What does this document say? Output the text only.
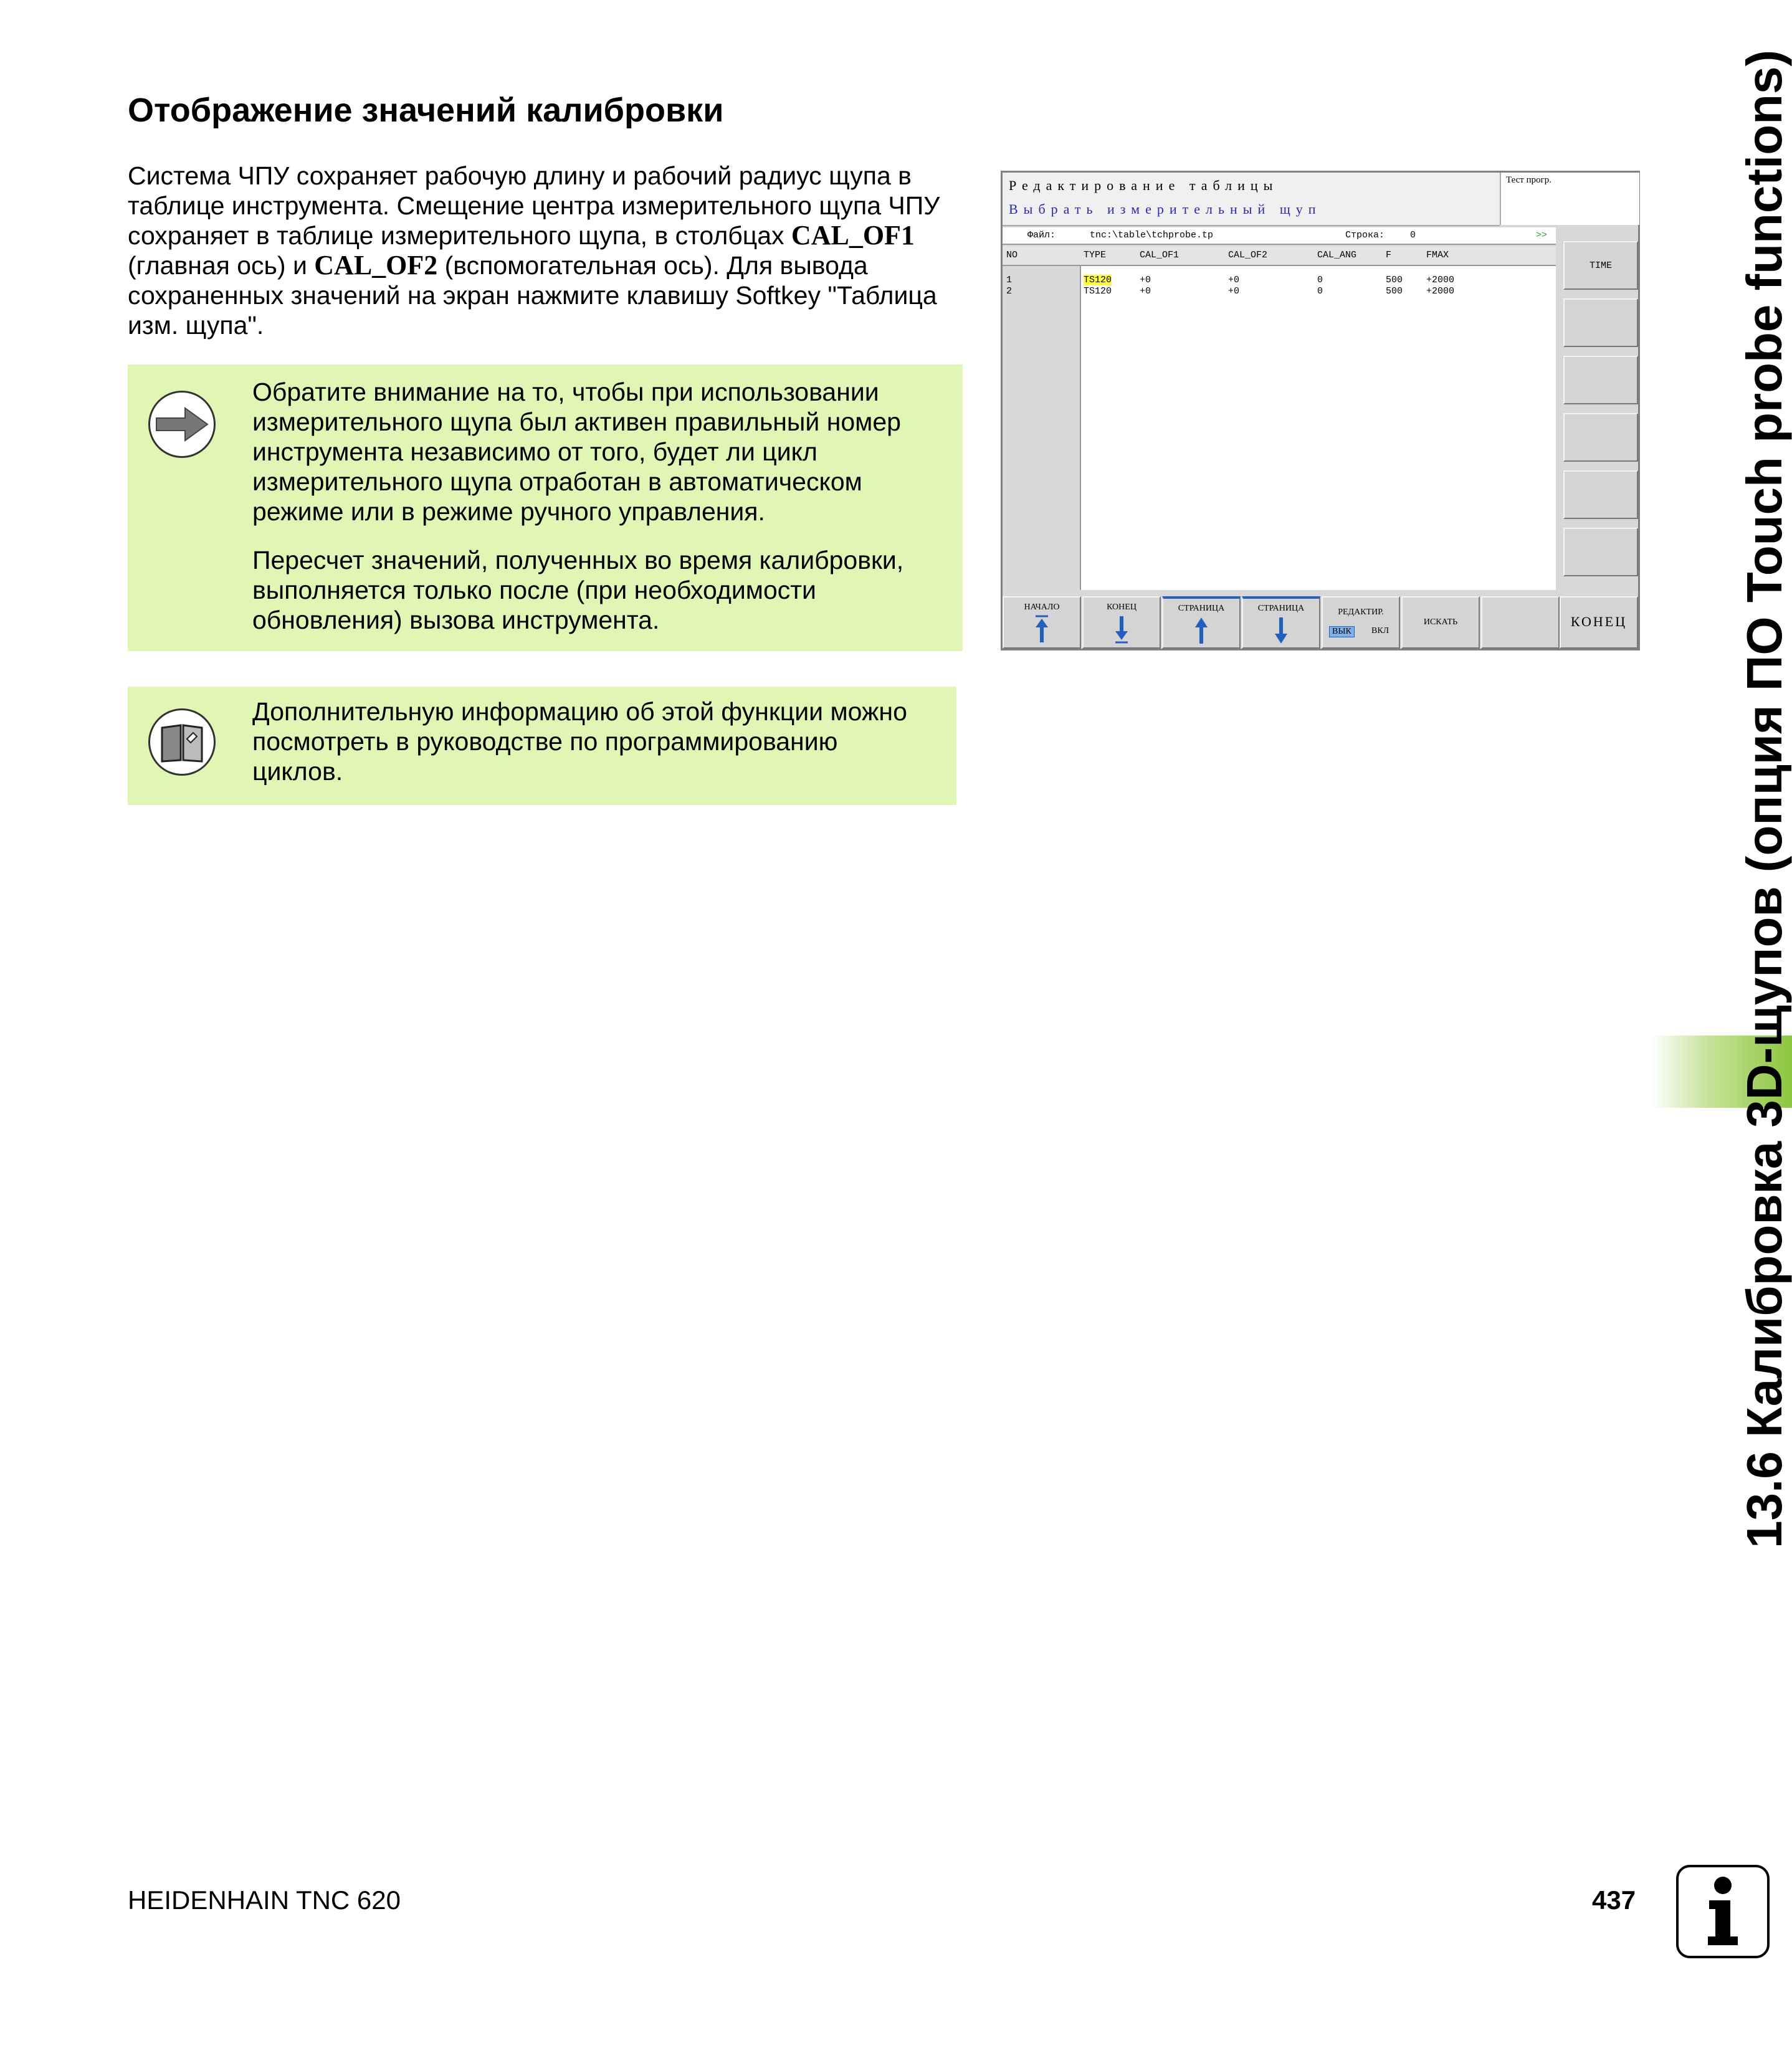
Отображение значений калибровки

Система ЧПУ сохраняет рабочую длину и рабочий радиус щупа в таблице инструмента. Смещение центра измерительного щупа ЧПУ сохраняет в таблице измерительного щупа, в столбцах CAL_OF1 (главная ось) и CAL_OF2 (вспомогательная ось). Для вывода сохраненных значений на экран нажмите клавишу Softkey "Таблица изм. щупа".

Обратите внимание на то, чтобы при использовании измерительного щупа был активен правильный номер инструмента независимо от того, будет ли цикл измерительного щупа отработан в автоматическом режиме или в режиме ручного управления.

Пересчет значений, полученных во время калибровки, выполняется только после (при необходимости обновления) вызова инструмента.

Дополнительную информацию об этой функции можно посмотреть в руководстве по программированию циклов.

Редактирование таблицы
Выбрать измерительный щуп
Тест прогр.
Файл:	tnc:\table\tchprobe.tp	Строка:	0	>>
NO	TYPE	CAL_OF1	CAL_OF2	CAL_ANG	F	FMAX
1	TS120	+0	+0	0	500	+2000
2	TS120	+0	+0	0	500	+2000
TIME
НАЧАЛО	КОНЕЦ	СТРАНИЦА	СТРАНИЦА	РЕДАКТИР.
ВЫК	ВКЛ
ИСКАТЬ	КОНЕЦ 13.6 Калибровка 3D-щупов (опция ПО Touch probe functions)
HEIDENHAIN TNC 620	437
